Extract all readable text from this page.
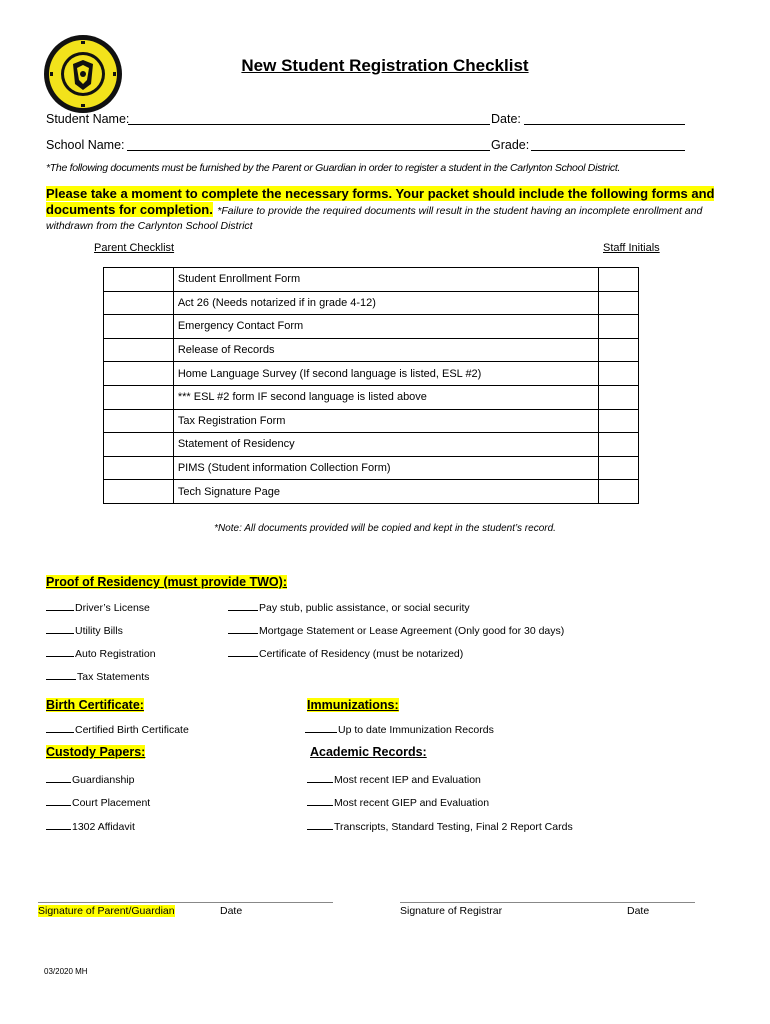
New Student Registration Checklist
Student Name:	Date:
School Name:	Grade:
*The following documents must be furnished by the Parent or Guardian in order to register a student in the Carlynton School District.
Please take a moment to complete the necessary forms. Your packet should include the following forms and
documents for completion. *Failure to provide the required documents will result in the student having an incomplete enrollment and
withdrawn from the Carlynton School District
Parent Checklist	Staff Initials
	Student Enrollment Form	
	Act 26 (Needs notarized if in grade 4-12)	
	Emergency Contact Form	
	Release of Records	
	Home Language Survey (If second language is listed, ESL #2)	
	*** ESL #2 form IF second language is listed above	
	Tax Registration Form	
	Statement of Residency	
	PIMS (Student information Collection Form)	
	Tech Signature Page	
*Note: All documents provided will be copied and kept in the student’s record.
Proof of Residency (must provide TWO):
Driver’s License	Pay stub, public assistance, or social security
Utility Bills	Mortgage Statement or Lease Agreement (Only good for 30 days)
Auto Registration	Certificate of Residency (must be notarized)
Tax Statements
Birth Certificate:	Immunizations:
Certified Birth Certificate	Up to date Immunization Records
Custody Papers:	Academic Records:
Guardianship	Most recent IEP and Evaluation
Court Placement	Most recent GIEP and Evaluation
1302 Affidavit	Transcripts, Standard Testing, Final 2 Report Cards
Signature of Parent/Guardian	Date	Signature of Registrar	Date
03/2020 MH
